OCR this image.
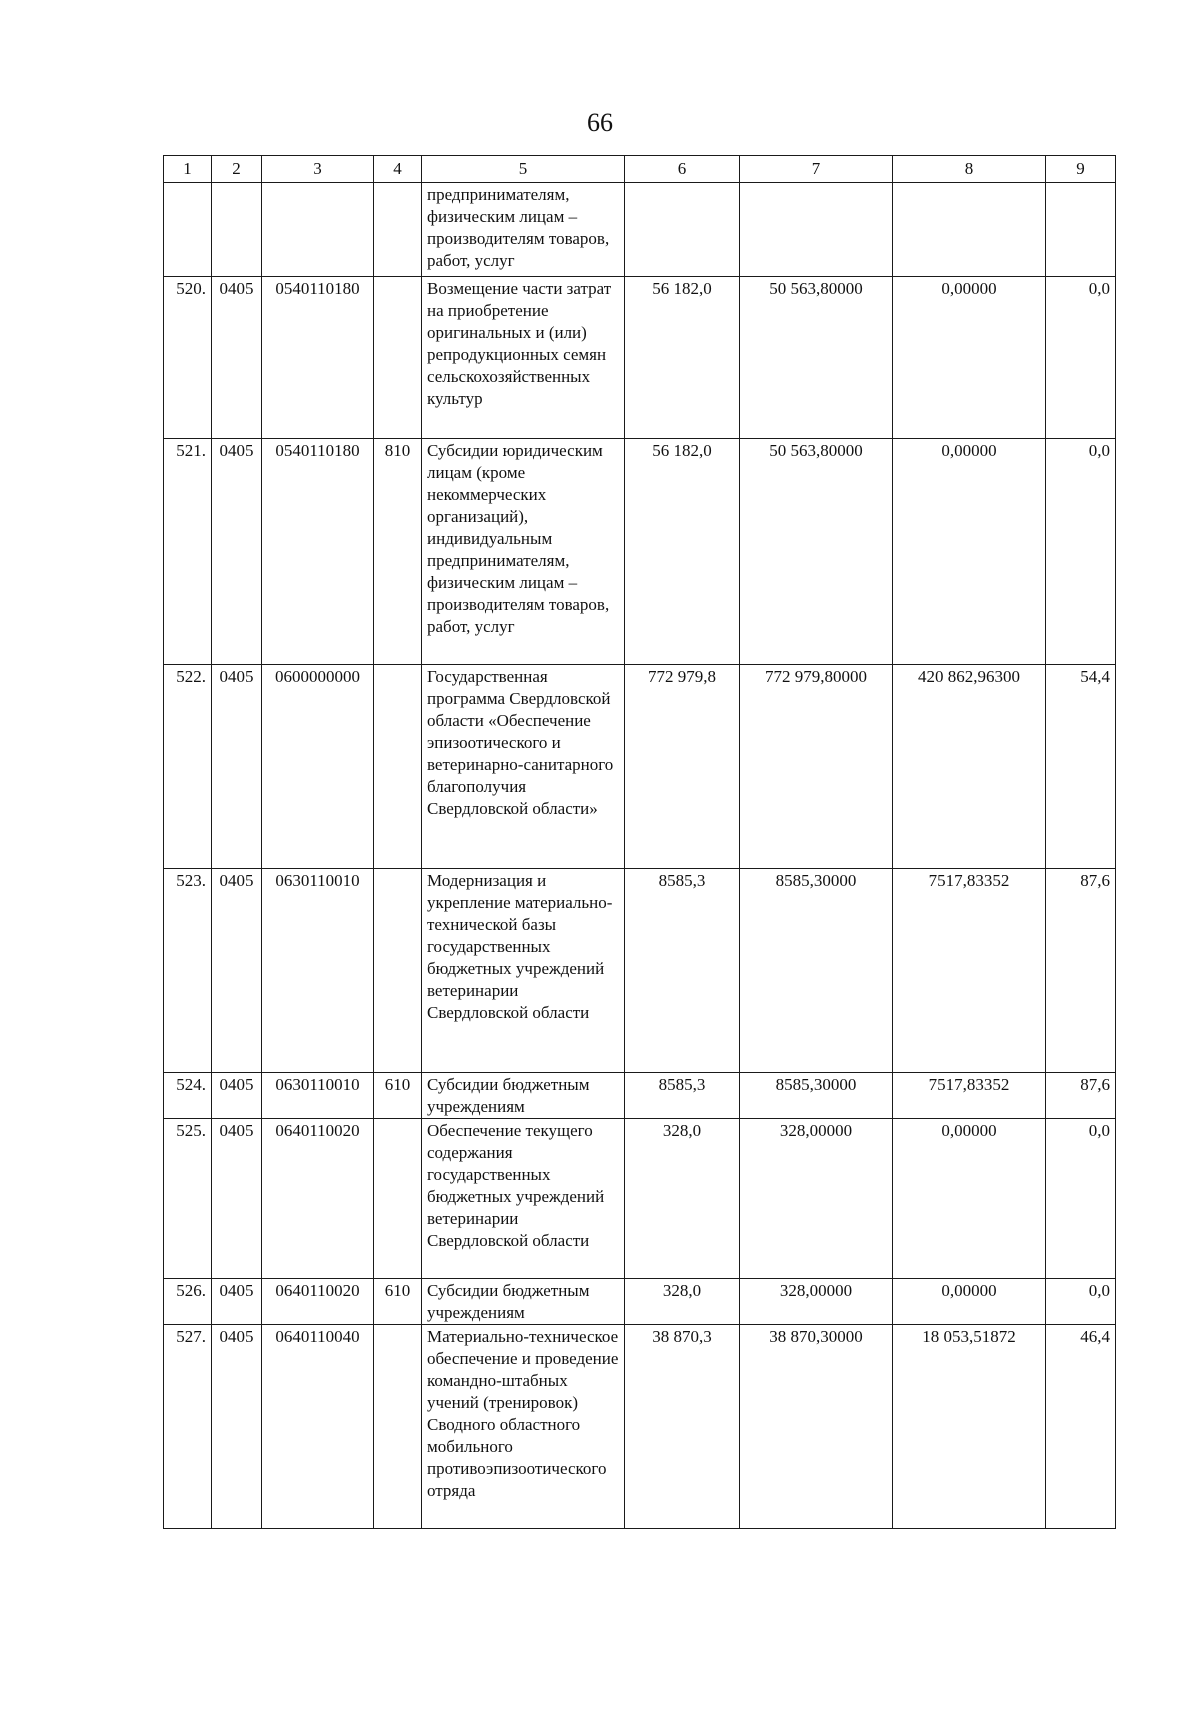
66
1	2	3	4	5	6	7	8	9
				предпринимателям, физическим лицам – производителям товаров, работ, услуг				
520.	0405	0540110180		Возмещение части затрат на приобретение оригинальных и (или) репродукционных семян сельскохозяйственных культур	56 182,0	50 563,80000	0,00000	0,0
521.	0405	0540110180	810	Субсидии юридическим лицам (кроме некоммерческих организаций), индивидуальным предпринимателям, физическим лицам – производителям товаров, работ, услуг	56 182,0	50 563,80000	0,00000	0,0
522.	0405	0600000000		Государственная программа Свердловской области «Обеспечение эпизоотического и ветеринарно-санитарного благополучия Свердловской области»	772 979,8	772 979,80000	420 862,96300	54,4
523.	0405	0630110010		Модернизация и укрепление материально-технической базы государственных бюджетных учреждений ветеринарии Свердловской области	8585,3	8585,30000	7517,83352	87,6
524.	0405	0630110010	610	Субсидии бюджетным учреждениям	8585,3	8585,30000	7517,83352	87,6
525.	0405	0640110020		Обеспечение текущего содержания государственных бюджетных учреждений ветеринарии Свердловской области	328,0	328,00000	0,00000	0,0
526.	0405	0640110020	610	Субсидии бюджетным учреждениям	328,0	328,00000	0,00000	0,0
527.	0405	0640110040		Материально-техническое обеспечение и проведение командно-штабных учений (тренировок) Сводного областного мобильного противоэпизоотического отряда	38 870,3	38 870,30000	18 053,51872	46,4
